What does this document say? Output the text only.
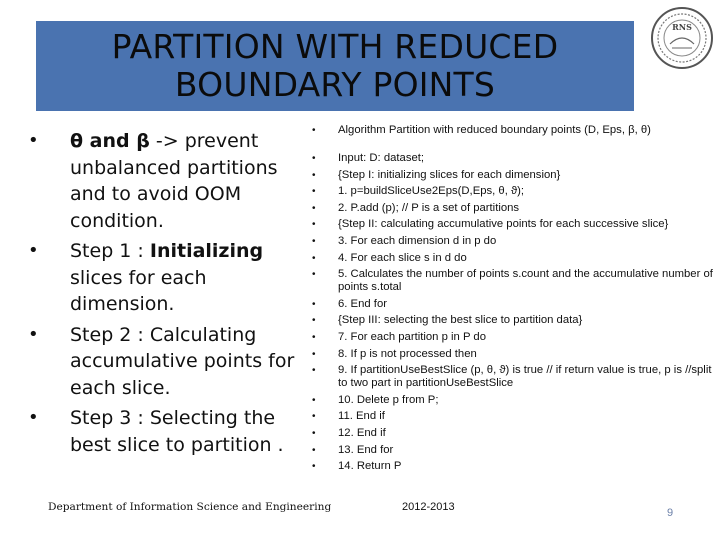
PARTITION WITH REDUCED
BOUNDARY POINTS
RNS
• θ and β -> prevent unbalanced partitions and to avoid OOM condition.
• Step 1 : Initializing slices for each dimension.
• Step 2 : Calculating accumulative points for each slice.
• Step 3 : Selecting the best slice to partition .
• Algorithm Partition with reduced boundary points (D, Eps, β, θ)
• Input: D: dataset;
• {Step I: initializing slices for each dimension}
• 1. p=buildSliceUse2Eps(D,Eps, θ, ϑ);
• 2. P.add (p); // P is a set of partitions
• {Step II: calculating accumulative points for each successive slice}
• 3. For each dimension d in p do
• 4. For each slice s in d do
• 5. Calculates the number of points s.count and the accumulative number of points s.total
• 6. End for
• {Step III: selecting the best slice to partition data}
• 7. For each partition p in P do
• 8. If p is not processed then
• 9. If partitionUseBestSlice (p, θ, ϑ) is true // if return value is true, p is //split to two part in partitionUseBestSlice
• 10. Delete p from P;
• 11. End if
• 12. End if
• 13. End for
• 14. Return P
Department of Information Science and Engineering	2012-2013	9
